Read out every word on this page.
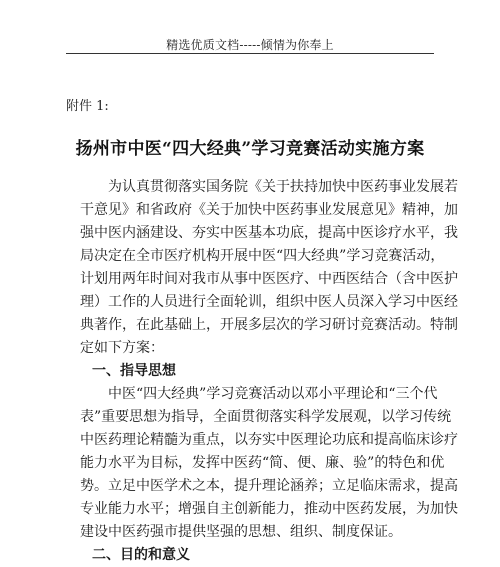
精选优质文档-----倾情为你奉上
附件 1:
扬州市中医“四大经典”学习竞赛活动实施方案
为认真贯彻落实国务院《关于扶持加快中医药事业发展若
干意见》和省政府《关于加快中医药事业发展意见》精神，加
强中医内涵建设、夯实中医基本功底，提高中医诊疗水平，我
局决定在全市医疗机构开展中医“四大经典”学习竞赛活动，
计划用两年时间对我市从事中医医疗、中西医结合（含中医护
理）工作的人员进行全面轮训，组织中医人员深入学习中医经
典著作，在此基础上，开展多层次的学习研讨竞赛活动。特制
定如下方案：
一、指导思想
中医“四大经典”学习竞赛活动以邓小平理论和“三个代
表”重要思想为指导，全面贯彻落实科学发展观，以学习传统
中医药理论精髓为重点，以夯实中医理论功底和提高临床诊疗
能力水平为目标，发挥中医药“简、便、廉、验”的特色和优
势。立足中医学术之本，提升理论涵养；立足临床需求，提高
专业能力水平；增强自主创新能力，推动中医药发展，为加快
建设中医药强市提供坚强的思想、组织、制度保证。
二、目的和意义
